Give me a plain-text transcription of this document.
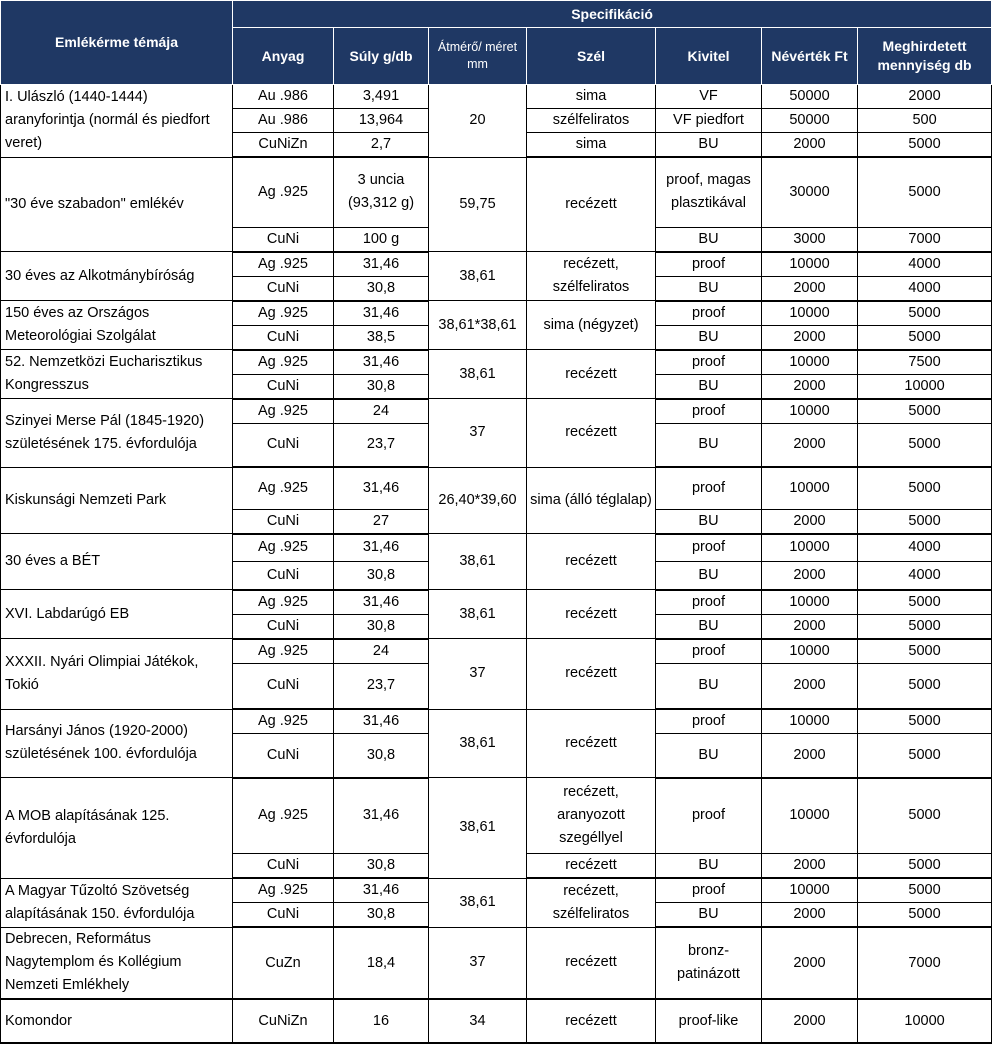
Emlékérme témája	Specifikáció						
	Anyag	Súly g/db	Átmérő/ méret mm	Szél	Kivitel	Névérték Ft	Meghirdetett mennyiség db
I. Ulászló (1440-1444) aranyforintja (normál és piedfort veret)	Au .986	3,491	20	sima	VF	50000	2000
	Au .986	13,964		szélfeliratos	VF piedfort	50000	500
	CuNiZn	2,7		sima	BU	2000	5000
"30 éve szabadon" emlékév	Ag .925	3 uncia (93,312 g)	59,75	recézett	proof, magas plasztikával	30000	5000
	CuNi	100 g			BU	3000	7000
30 éves az Alkotmánybíróság	Ag .925	31,46	38,61	recézett, szélfeliratos	proof	10000	4000
	CuNi	30,8			BU	2000	4000
150 éves az Országos Meteorológiai Szolgálat	Ag .925	31,46	38,61*38,61	sima (négyzet)	proof	10000	5000
	CuNi	38,5			BU	2000	5000
52. Nemzetközi Eucharisztikus Kongresszus	Ag .925	31,46	38,61	recézett	proof	10000	7500
	CuNi	30,8			BU	2000	10000
Szinyei Merse Pál (1845-1920) születésének 175. évfordulója	Ag .925	24	37	recézett	proof	10000	5000
	CuNi	23,7			BU	2000	5000
Kiskunsági Nemzeti Park	Ag .925	31,46	26,40*39,60	sima (álló téglalap)	proof	10000	5000
	CuNi	27			BU	2000	5000
30 éves a BÉT	Ag .925	31,46	38,61	recézett	proof	10000	4000
	CuNi	30,8			BU	2000	4000
XVI. Labdarúgó EB	Ag .925	31,46	38,61	recézett	proof	10000	5000
	CuNi	30,8			BU	2000	5000
XXXII. Nyári Olimpiai Játékok, Tokió	Ag .925	24	37	recézett	proof	10000	5000
	CuNi	23,7			BU	2000	5000
Harsányi János (1920-2000) születésének 100. évfordulója	Ag .925	31,46	38,61	recézett	proof	10000	5000
	CuNi	30,8			BU	2000	5000
A MOB alapításának 125. évfordulója	Ag .925	31,46	38,61	recézett, aranyozott szegéllyel	proof	10000	5000
	CuNi	30,8		recézett	BU	2000	5000
A Magyar Tűzoltó Szövetség alapításának 150. évfordulója	Ag .925	31,46	38,61	recézett, szélfeliratos	proof	10000	5000
	CuNi	30,8			BU	2000	5000
Debrecen, Református Nagytemplom és Kollégium Nemzeti Emlékhely	CuZn	18,4	37	recézett	bronz-patinázott	2000	7000
Komondor	CuNiZn	16	34	recézett	proof-like	2000	10000
